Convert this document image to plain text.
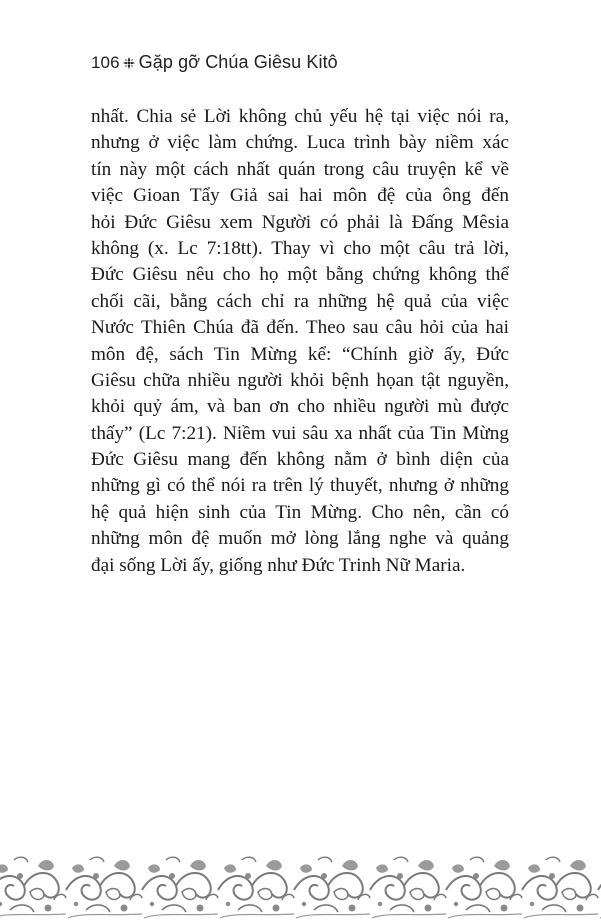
106 Gặp gỡ Chúa Giêsu Kitô
nhất. Chia sẻ Lời không chủ yếu hệ tại việc nói ra,
nhưng ở việc làm chứng. Luca trình bày niềm xác
tín này một cách nhất quán trong câu truyện kể về
việc Gioan Tẩy Giả sai hai môn đệ của ông đến
hỏi Đức Giêsu xem Người có phải là Đấng Mêsia
không (x. Lc 7:18tt). Thay vì cho một câu trả lời,
Đức Giêsu nêu cho họ một bằng chứng không thể
chối cãi, bằng cách chỉ ra những hệ quả của việc
Nước Thiên Chúa đã đến. Theo sau câu hỏi của hai
môn đệ, sách Tin Mừng kể: “Chính giờ ấy, Đức
Giêsu chữa nhiều người khỏi bệnh họan tật nguyền,
khỏi quỷ ám, và ban ơn cho nhiều người mù được
thấy” (Lc 7:21). Niềm vui sâu xa nhất của Tin Mừng
Đức Giêsu mang đến không nằm ở bình diện của
những gì có thể nói ra trên lý thuyết, nhưng ở những
hệ quả hiện sinh của Tin Mừng. Cho nên, cần có
những môn đệ muốn mở lòng lắng nghe và quảng
đại sống Lời ấy, giống như Đức Trinh Nữ Maria.
